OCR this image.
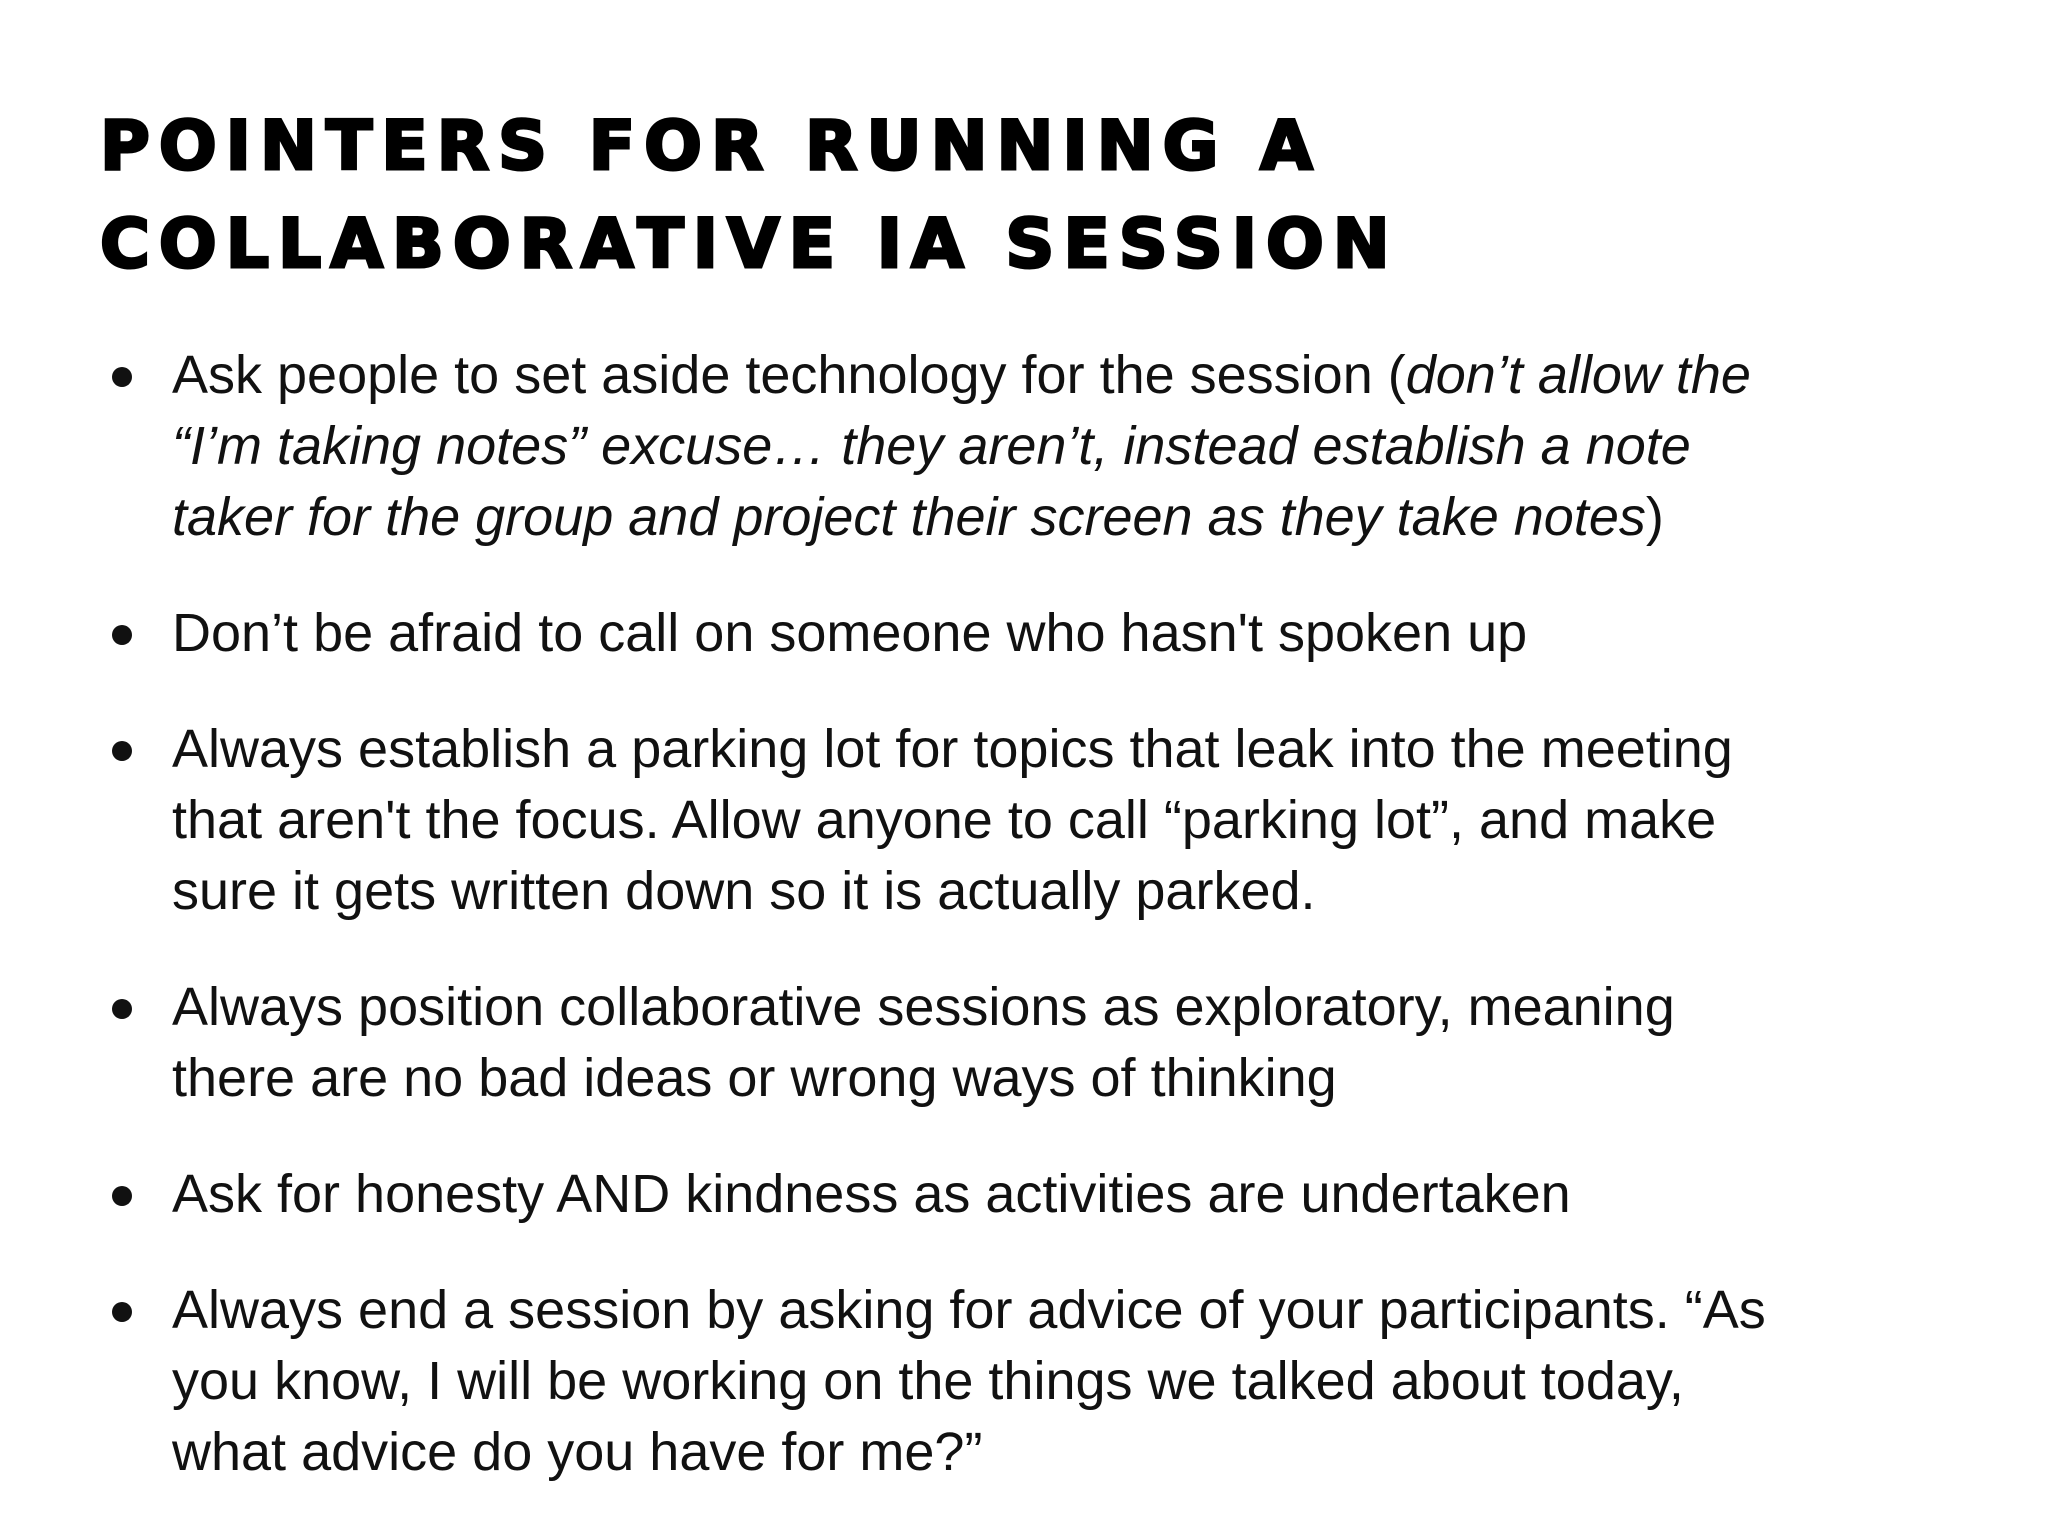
POINTERS FOR RUNNING A
COLLABORATIVE IA SESSION
Ask people to set aside technology for the session (don’t allow the
“I’m taking notes” excuse… they aren’t, instead establish a note
taker for the group and project their screen as they take notes)
Don’t be afraid to call on someone who hasn't spoken up
Always establish a parking lot for topics that leak into the meeting
that aren't the focus. Allow anyone to call “parking lot”, and make
sure it gets written down so it is actually parked.
Always position collaborative sessions as exploratory, meaning
there are no bad ideas or wrong ways of thinking
Ask for honesty AND kindness as activities are undertaken
Always end a session by asking for advice of your participants. “As
you know, I will be working on the things we talked about today,
what advice do you have for me?”
